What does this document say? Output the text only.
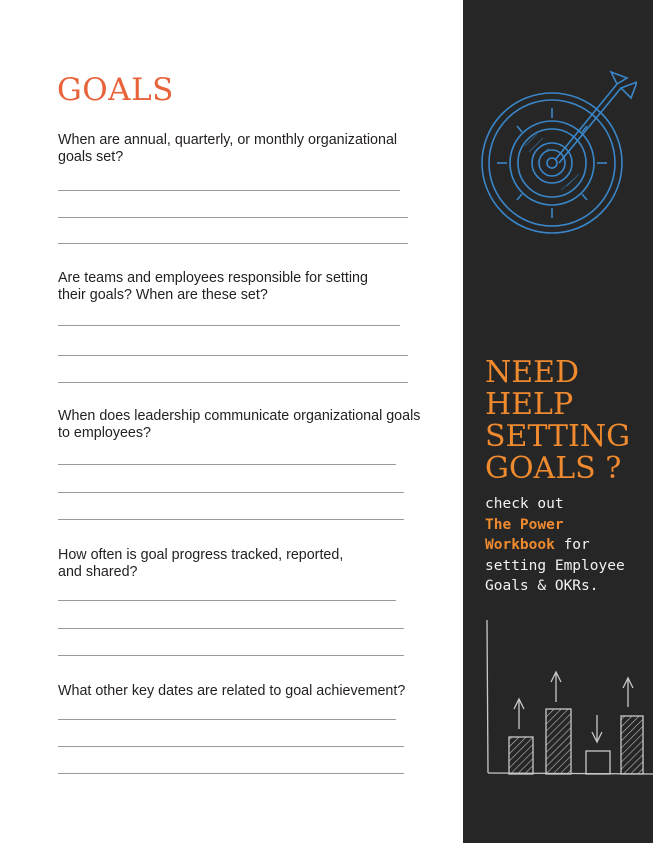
GOALS
When are annual, quarterly, or monthly organizational goals set?
Are teams and employees responsible for setting their goals? When are these set?
When does leadership communicate organizational goals to employees?
How often is goal progress tracked, reported, and shared?
What other key dates are related to goal achievement?
NEED
HELP
SETTING
GOALS ?
check out
The Power
Workbook for
setting Employee
Goals & OKRs.
